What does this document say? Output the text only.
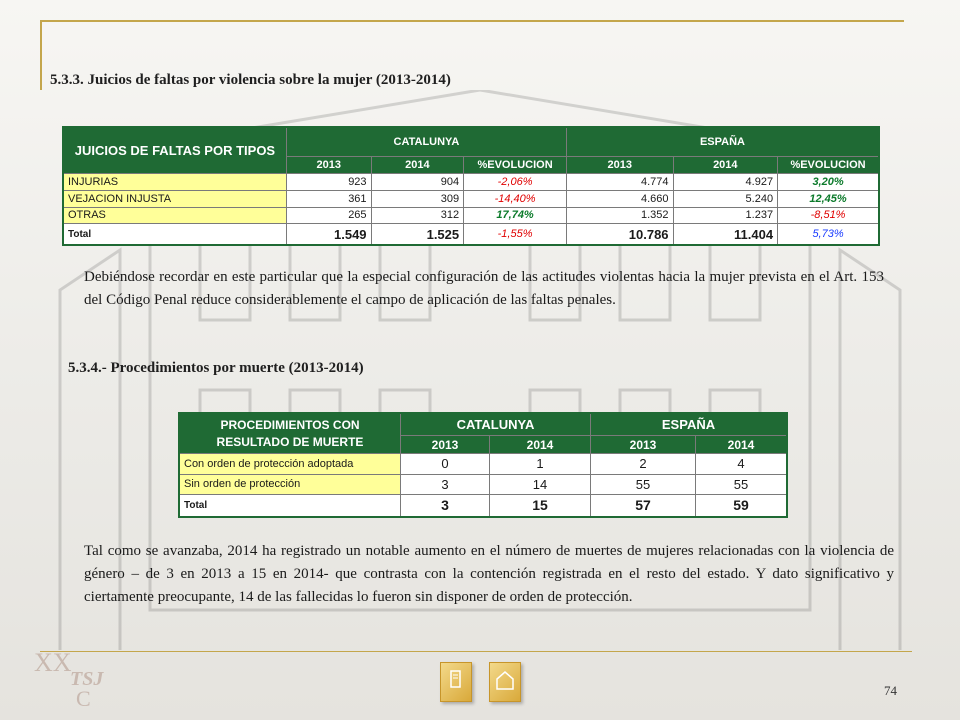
5.3.3. Juicios de faltas por violencia sobre la mujer (2013-2014)
JUICIOS DE FALTAS POR TIPOS	CATALUNYA			ESPAÑA		
	2013	2014	%EVOLUCION	2013	2014	%EVOLUCION
INJURIAS	923	904	-2,06%	4.774	4.927	3,20%
VEJACION INJUSTA	361	309	-14,40%	4.660	5.240	12,45%
OTRAS	265	312	17,74%	1.352	1.237	-8,51%
Total	1.549	1.525	-1,55%	10.786	11.404	5,73%
Debiéndose recordar en este particular que la especial configuración de las actitudes violentas hacia la mujer prevista en el Art. 153 del Código Penal reduce considerablemente el campo de aplicación de las faltas penales.
5.3.4.- Procedimientos por muerte (2013-2014)
PROCEDIMIENTOS CON
RESULTADO DE MUERTE	CATALUNYA		ESPAÑA	
	2013	2014	2013	2014
Con orden de protección adoptada	0	1	2	4
Sin orden de protección	3	14	55	55
Total	3	15	57	59
Tal como se avanzaba, 2014 ha registrado un notable aumento en el número de muertes de mujeres relacionadas con la violencia de género – de 3 en 2013 a 15 en 2014- que contrasta con la contención registrada en el resto del estado. Y dato significativo y ciertamente preocupante, 14 de las fallecidas lo fueron sin disponer de orden de protección.
XX
TSJ
C	74
